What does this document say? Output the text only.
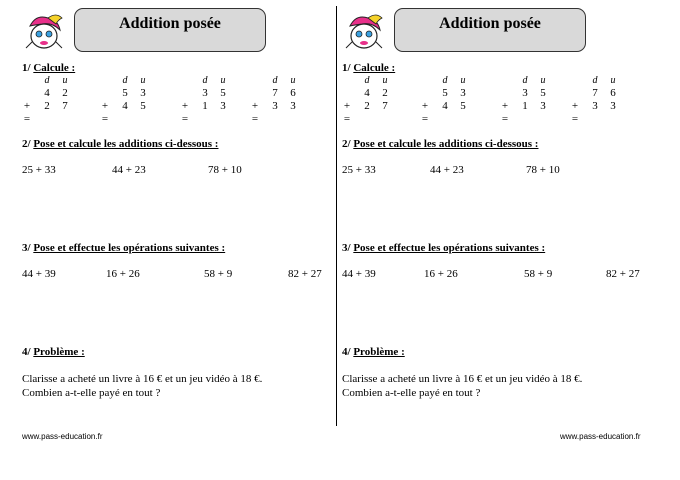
Addition posée
1/ Calcule :
d u
4 2
+ 2 7
=
d u
5 3
+ 4 5
=
d u
3 5
+ 1 3
=
d u
7 6
+ 3 3
=
2/ Pose et calcule les additions ci-dessous :
25 + 33	44 + 23	78 + 10
3/ Pose et effectue les opérations suivantes :
44 + 39	16 + 26	58 + 9	82 + 27
4/ Problème :
Clarisse a acheté un livre à 16 € et un jeu vidéo à 18 €.
Combien a-t-elle payé en tout ?
www.pass-education.fr
Addition posée
1/ Calcule :
d u
4 2
+ 2 7
=
d u
5 3
+ 4 5
=
d u
3 5
+ 1 3
=
d u
7 6
+ 3 3
=
2/ Pose et calcule les additions ci-dessous :
25 + 33	44 + 23	78 + 10
3/ Pose et effectue les opérations suivantes :
44 + 39	16 + 26	58 + 9	82 + 27
4/ Problème :
Clarisse a acheté un livre à 16 € et un jeu vidéo à 18 €.
Combien a-t-elle payé en tout ?
www.pass-education.fr
